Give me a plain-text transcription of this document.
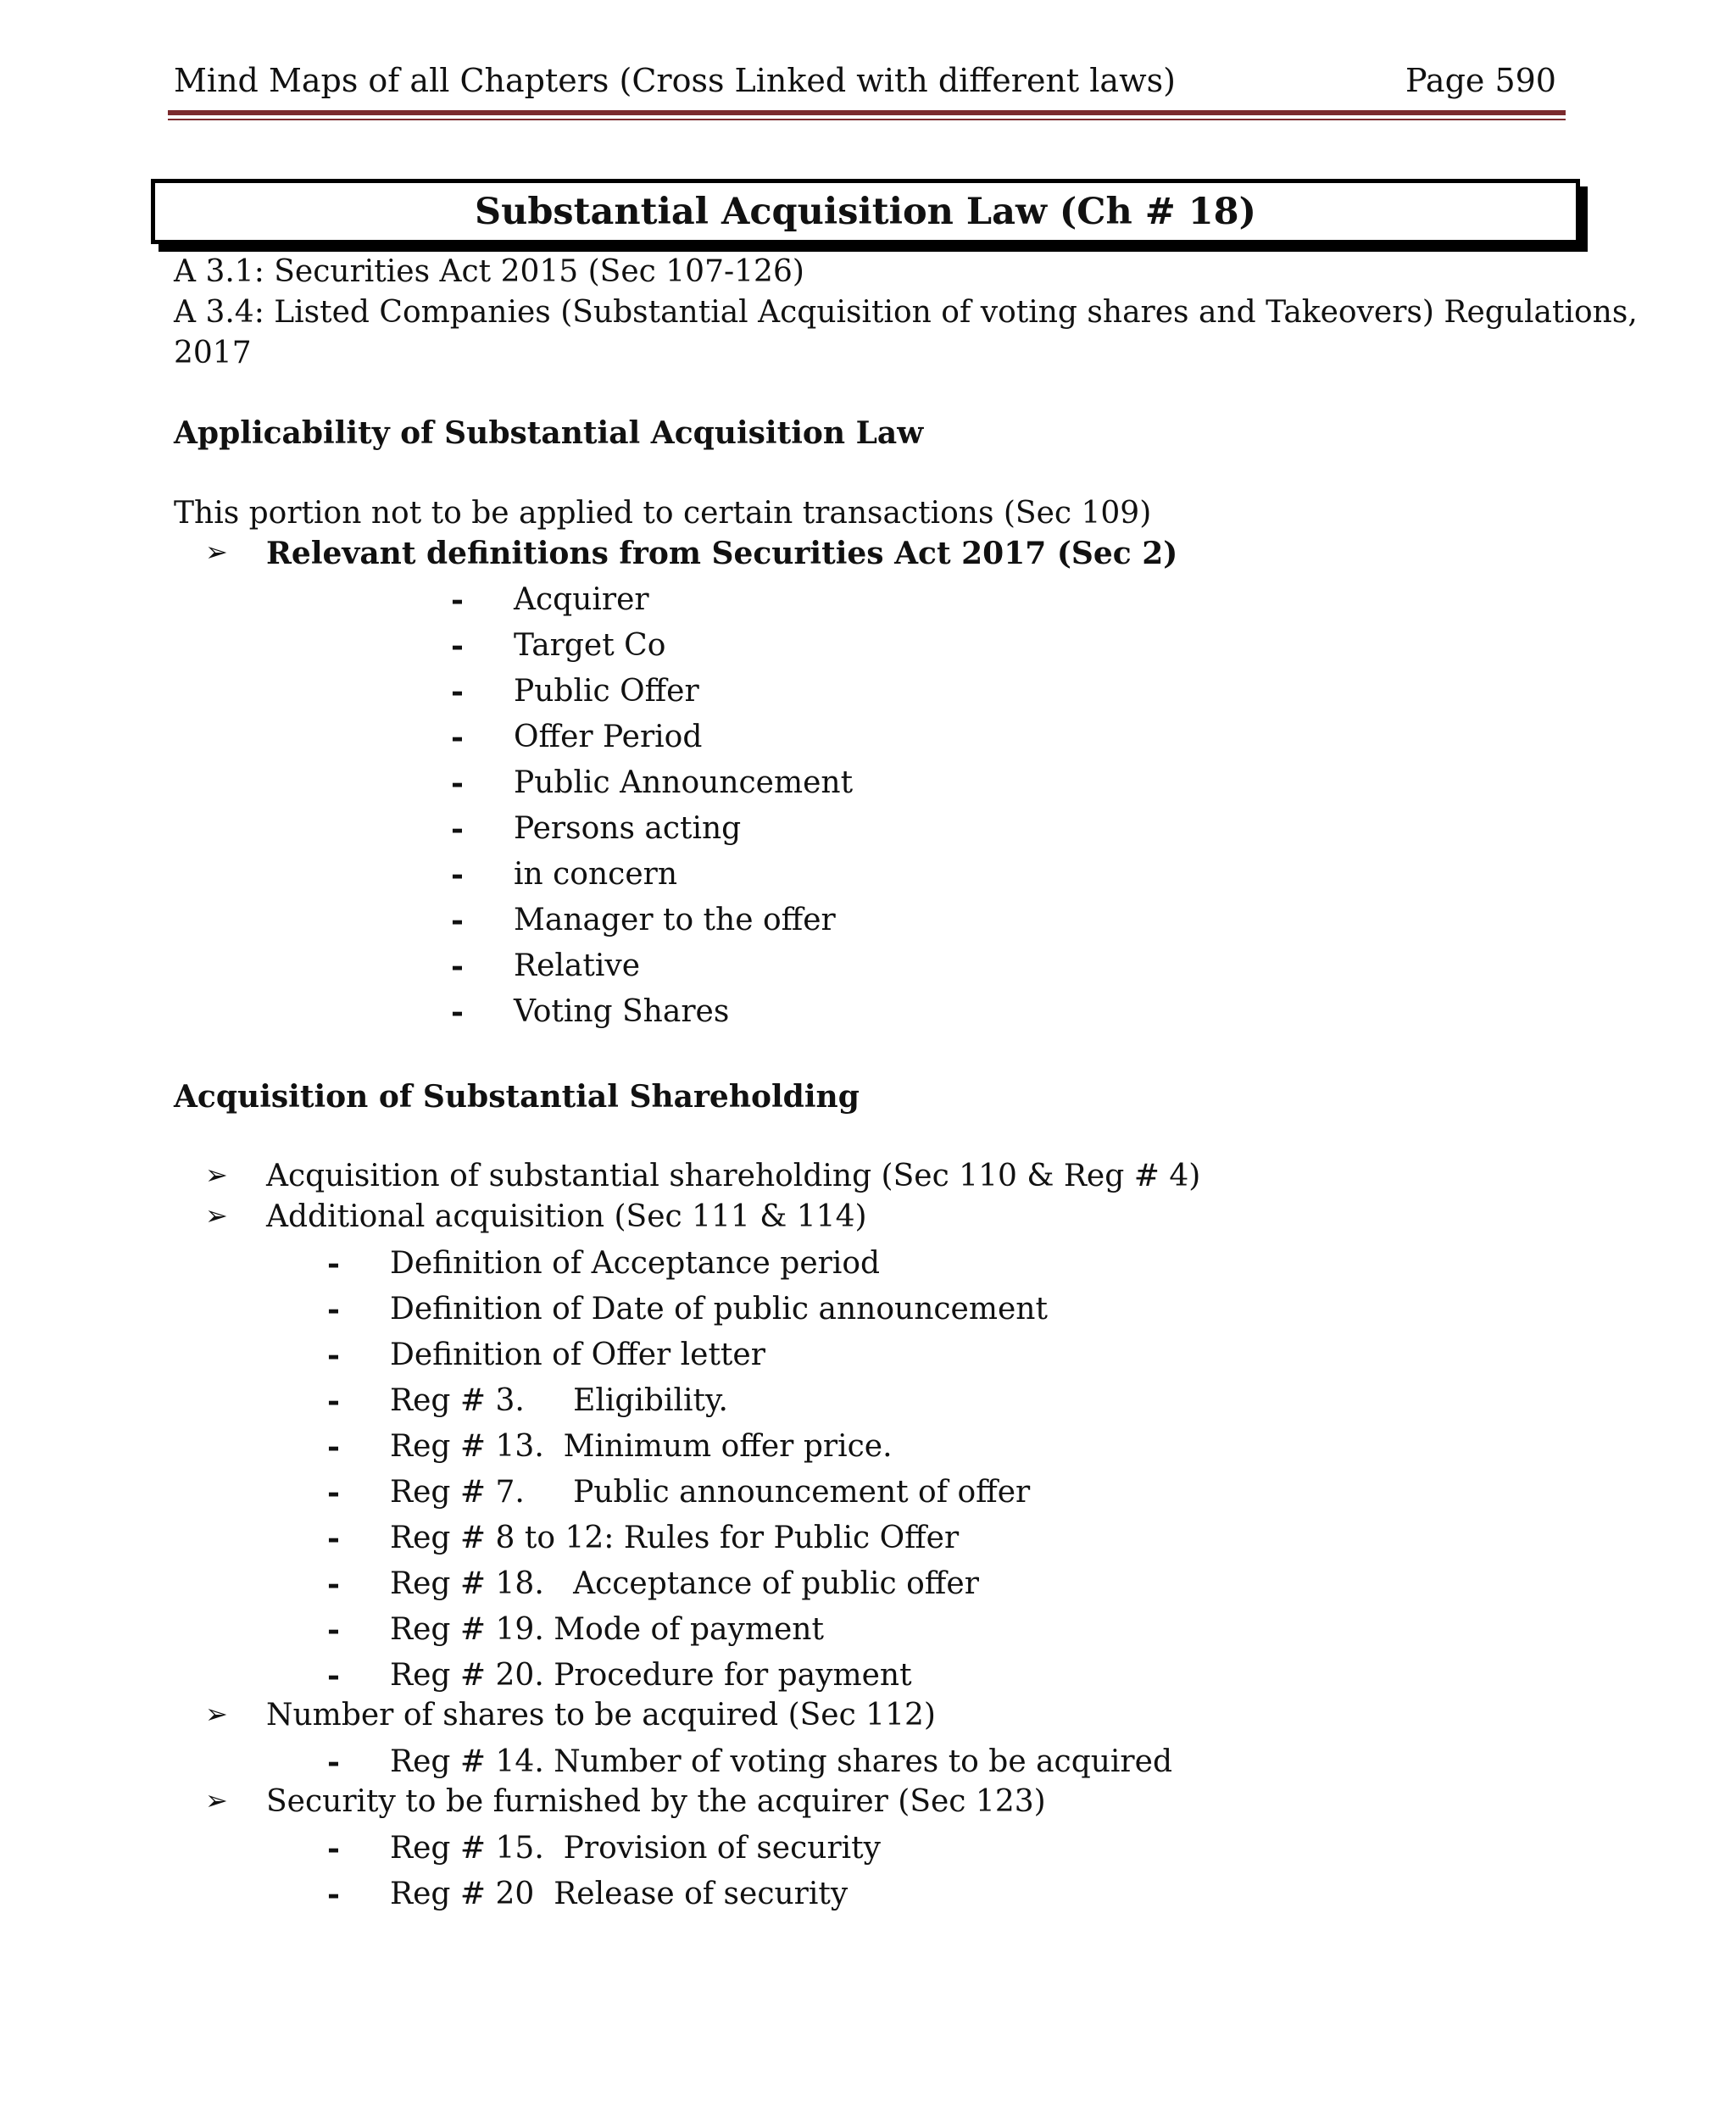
Mind Maps of all Chapters (Cross Linked with different laws)	Page 590
Substantial Acquisition Law (Ch # 18)
A 3.1: Securities Act 2015 (Sec 107-126)
A 3.4: Listed Companies (Substantial Acquisition of voting shares and Takeovers) Regulations,
2017
Applicability of Substantial Acquisition Law
This portion not to be applied to certain transactions (Sec 109)
➢ Relevant definitions from Securities Act 2017 (Sec 2)
- Acquirer
- Target Co
- Public Offer
- Offer Period
- Public Announcement
- Persons acting
- in concern
- Manager to the offer
- Relative
- Voting Shares
Acquisition of Substantial Shareholding
➢ Acquisition of substantial shareholding (Sec 110 & Reg # 4)
➢ Additional acquisition (Sec 111 & 114)
- Definition of Acceptance period
- Definition of Date of public announcement
- Definition of Offer letter
- Reg # 3.     Eligibility.
- Reg # 13.  Minimum offer price.
- Reg # 7.     Public announcement of offer
- Reg # 8 to 12: Rules for Public Offer
- Reg # 18.   Acceptance of public offer
- Reg # 19. Mode of payment
- Reg # 20. Procedure for payment
➢ Number of shares to be acquired (Sec 112)
- Reg # 14. Number of voting shares to be acquired
➢ Security to be furnished by the acquirer (Sec 123)
- Reg # 15.  Provision of security
- Reg # 20  Release of security
